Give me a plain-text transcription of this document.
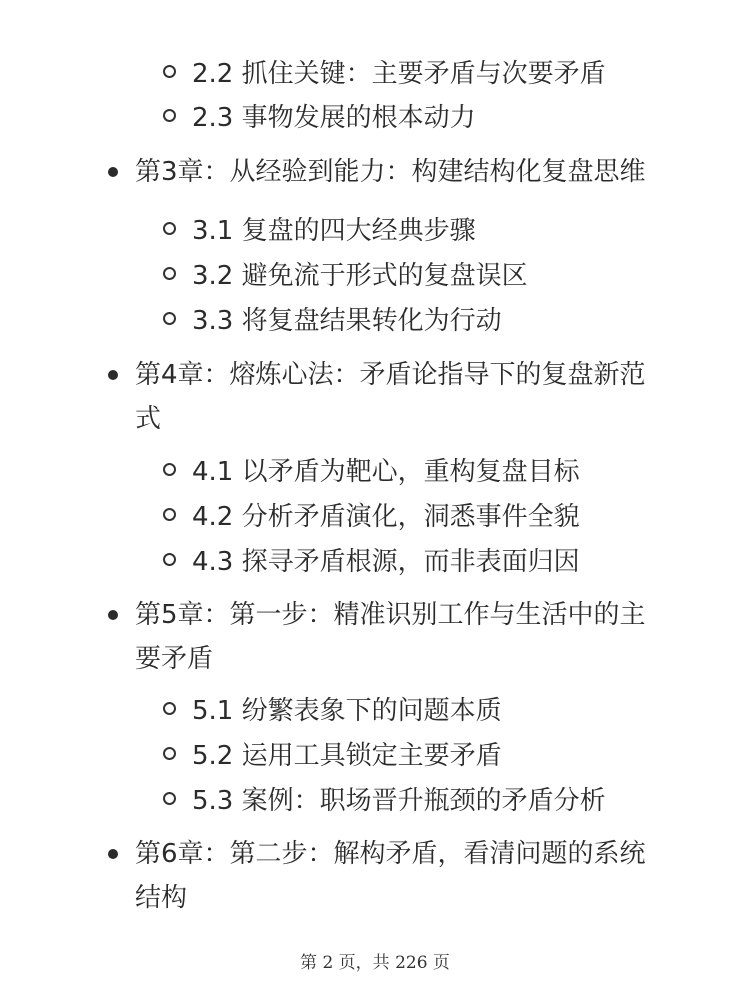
2.2 抓住关键：主要矛盾与次要矛盾
2.3 事物发展的根本动力
第3章：从经验到能力：构建结构化复盘思维
3.1 复盘的四大经典步骤
3.2 避免流于形式的复盘误区
3.3 将复盘结果转化为行动
第4章：熔炼心法：矛盾论指导下的复盘新范式
4.1 以矛盾为靶心，重构复盘目标
4.2 分析矛盾演化，洞悉事件全貌
4.3 探寻矛盾根源，而非表面归因
第5章：第一步：精准识别工作与生活中的主要矛盾
5.1 纷繁表象下的问题本质
5.2 运用工具锁定主要矛盾
5.3 案例：职场晋升瓶颈的矛盾分析
第6章：第二步：解构矛盾，看清问题的系统结构
第 2 页，共 226 页
